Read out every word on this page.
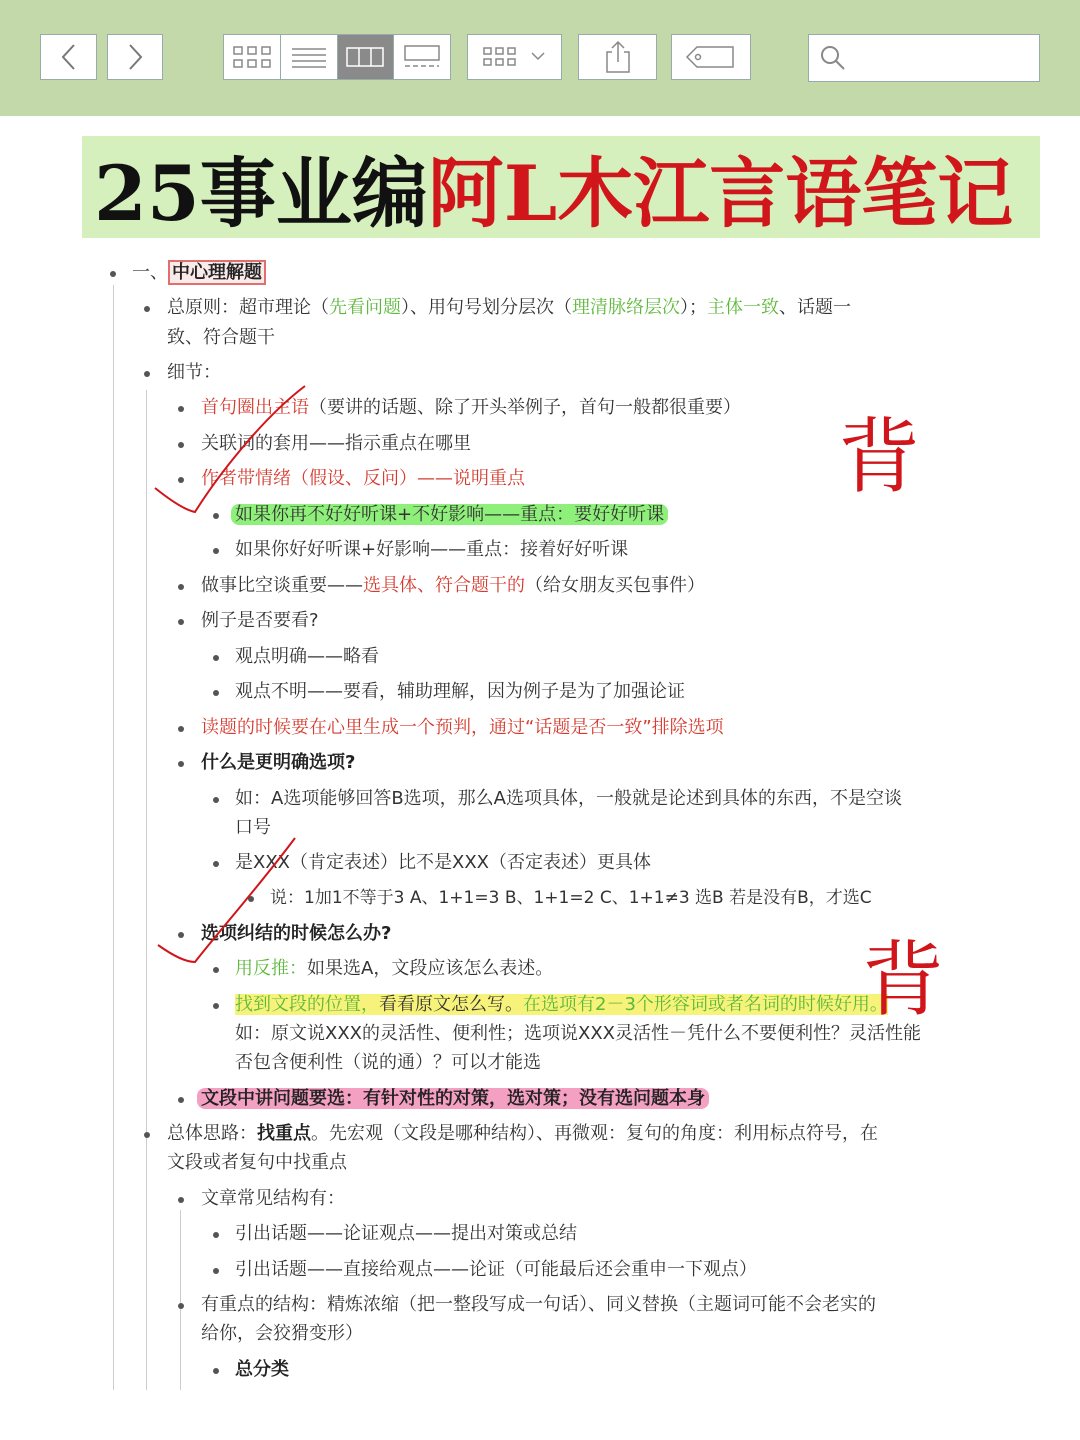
25事业编 阿L木江言语笔记
一、 中心理解题
总原则：超市理论（先看问题）、用句号划分层次（理清脉络层次）；主体一致、话题一
致、符合题干
细节：
首句圈出主语（要讲的话题、除了开头举例子，首句一般都很重要）
关联词的套用——指示重点在哪里
作者带情绪（假设、反问）——说明重点
如果你再不好好听课+不好影响——重点：要好好听课
如果你好好听课+好影响——重点：接着好好听课
做事比空谈重要——选具体、符合题干的（给女朋友买包事件）
例子是否要看?
观点明确——略看
观点不明——要看，辅助理解，因为例子是为了加强论证
读题的时候要在心里生成一个预判，通过“话题是否一致”排除选项
什么是更明确选项?
如：A选项能够回答B选项，那么A选项具体，一般就是论述到具体的东西，不是空谈
口号
是XXX（肯定表述）比不是XXX（否定表述）更具体
说：1加1不等于3 A、1+1=3 B、1+1=2 C、1+1≠3 选B 若是没有B，才选C
选项纠结的时候怎么办?
用反推：如果选A，文段应该怎么表述。
找到文段的位置，看看原文怎么写。在选项有2－3个形容词或者名词的时候好用。
如：原文说XXX的灵活性、便利性；选项说XXX灵活性－凭什么不要便利性？灵活性能
否包含便利性（说的通）？可以才能选
文段中讲问题要选：有针对性的对策，选对策；没有选问题本身
总体思路：找重点。先宏观（文段是哪种结构）、再微观：复句的角度：利用标点符号，在
文段或者复句中找重点
文章常见结构有：
引出话题——论证观点——提出对策或总结
引出话题——直接给观点——论证（可能最后还会重申一下观点）
有重点的结构：精炼浓缩（把一整段写成一句话）、同义替换（主题词可能不会老实的
给你，会狡猾变形）
总分类
背
背
